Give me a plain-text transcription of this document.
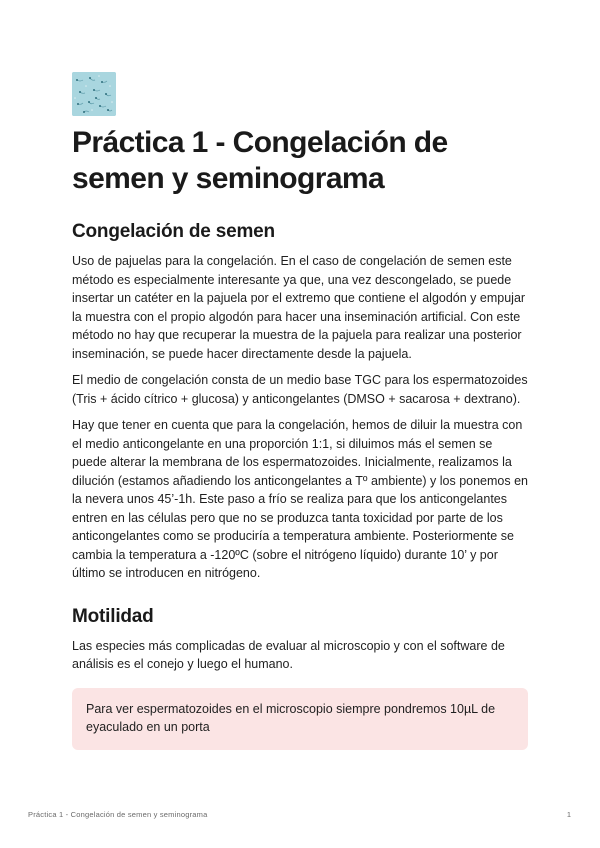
Práctica 1 - Congelación de semen y seminograma
Congelación de semen

Uso de pajuelas para la congelación. En el caso de congelación de semen este método es especialmente interesante ya que, una vez descongelado, se puede insertar un catéter en la pajuela por el extremo que contiene el algodón y empujar la muestra con el propio algodón para hacer una inseminación artificial. Con este método no hay que recuperar la muestra de la pajuela para realizar una posterior inseminación, se puede hacer directamente desde la pajuela.

El medio de congelación consta de un medio base TGC para los espermatozoides (Tris + ácido cítrico + glucosa) y anticongelantes (DMSO + sacarosa + dextrano).

Hay que tener en cuenta que para la congelación, hemos de diluir la muestra con el medio anticongelante en una proporción 1:1, si diluimos más el semen se puede alterar la membrana de los espermatozoides. Inicialmente, realizamos la dilución (estamos añadiendo los anticongelantes a Tº ambiente) y los ponemos en la nevera unos 45’-1h. Este paso a frío se realiza para que los anticongelantes entren en las células pero que no se produzca tanta toxicidad por parte de los anticongelantes como se produciría a temperatura ambiente. Posteriormente se cambia la temperatura a -120ºC (sobre el nitrógeno líquido) durante 10’ y por último se introducen en nitrógeno.

Motilidad

Las especies más complicadas de evaluar al microscopio y con el software de análisis es el conejo y luego el humano.

Para ver espermatozoides en el microscopio siempre pondremos 10µL de eyaculado en un porta

Práctica 1 - Congelación de semen y seminograma	1
